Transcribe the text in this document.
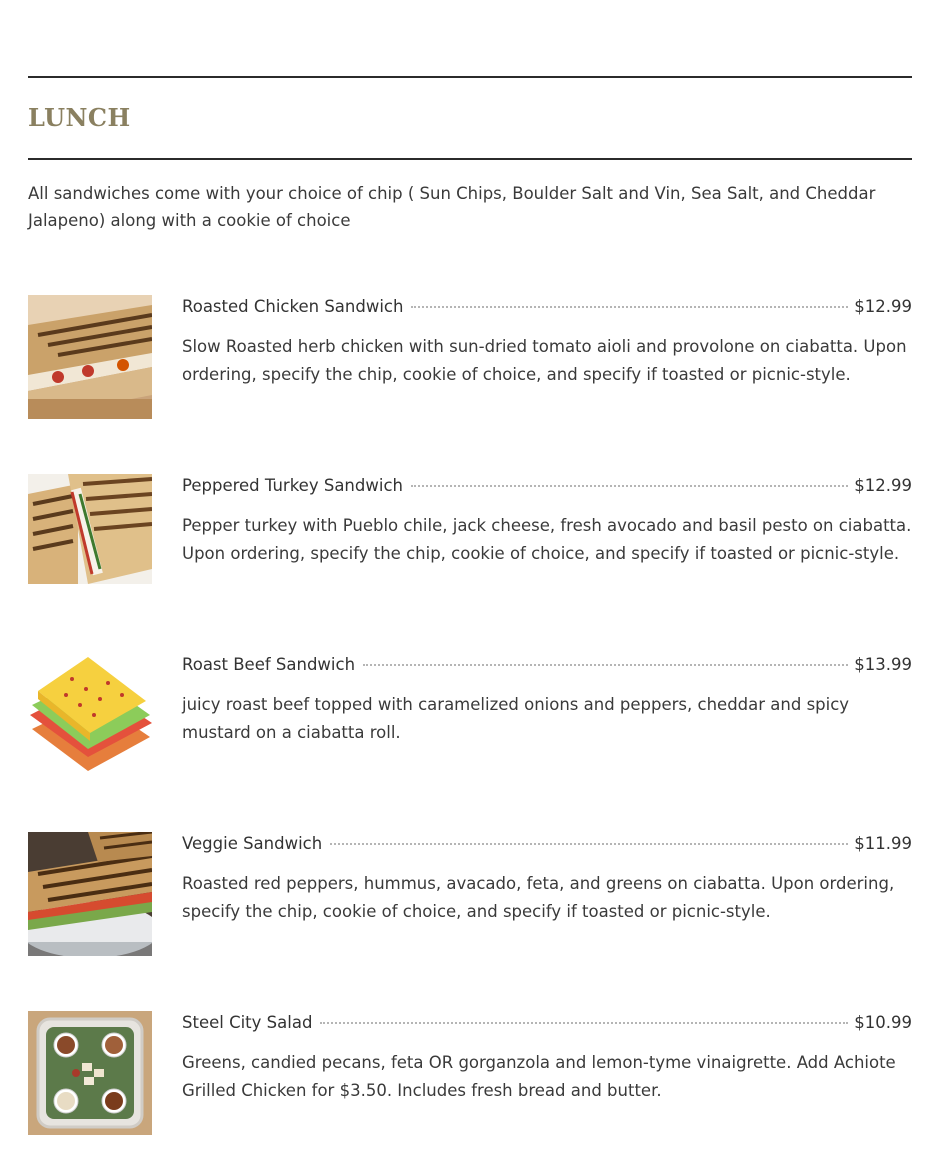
LUNCH

All sandwiches come with your choice of chip ( Sun Chips, Boulder Salt and Vin, Sea Salt, and Cheddar Jalapeno) along with a cookie of choice

Roasted Chicken Sandwich	$12.99

Slow Roasted herb chicken with sun-dried tomato aioli and provolone on ciabatta. Upon ordering, specify the chip, cookie of choice, and specify if toasted or picnic-style.

Peppered Turkey Sandwich	$12.99

Pepper turkey with Pueblo chile, jack cheese, fresh avocado and basil pesto on ciabatta. Upon ordering, specify the chip, cookie of choice, and specify if toasted or picnic-style.

Roast Beef Sandwich	$13.99

juicy roast beef topped with caramelized onions and peppers, cheddar and spicy mustard on a ciabatta roll.

Veggie Sandwich	$11.99

Roasted red peppers, hummus, avacado, feta, and greens on ciabatta. Upon ordering, specify the chip, cookie of choice, and specify if toasted or picnic-style.

Steel City Salad	$10.99

Greens, candied pecans, feta OR gorganzola and lemon-tyme vinaigrette. Add Achiote Grilled Chicken for $3.50. Includes fresh bread and butter.
